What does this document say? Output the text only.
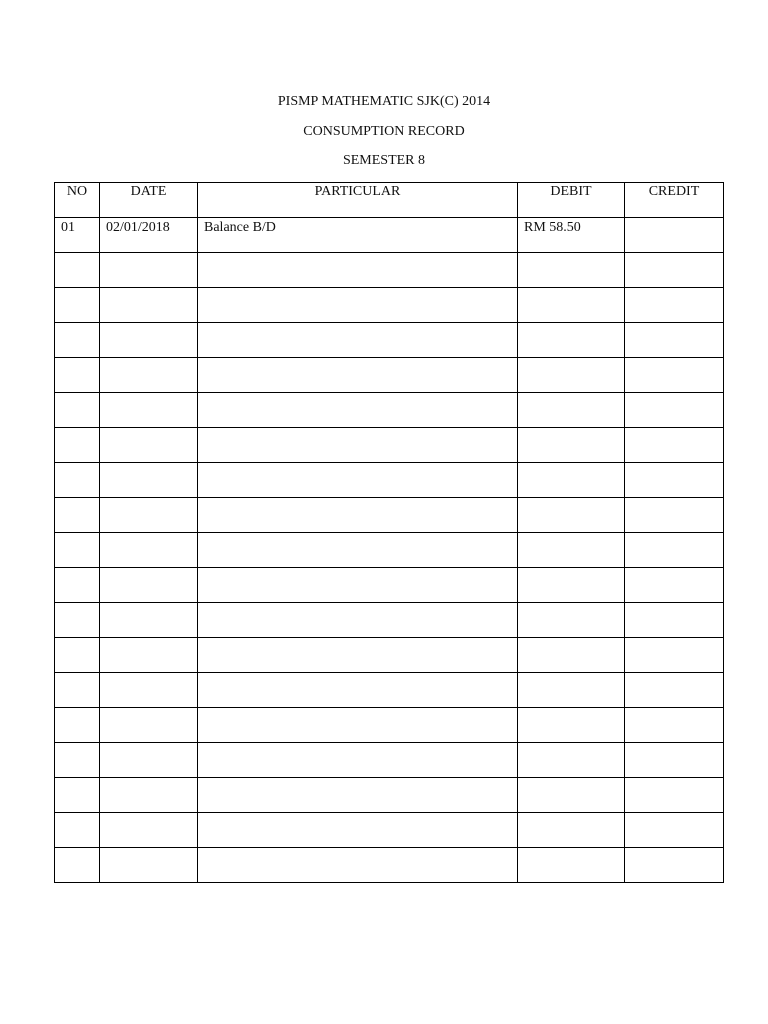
PISMP MATHEMATIC SJK(C) 2014
CONSUMPTION RECORD
SEMESTER 8
NO	DATE	PARTICULAR	DEBIT	CREDIT
01	02/01/2018	Balance B/D	RM 58.50	
